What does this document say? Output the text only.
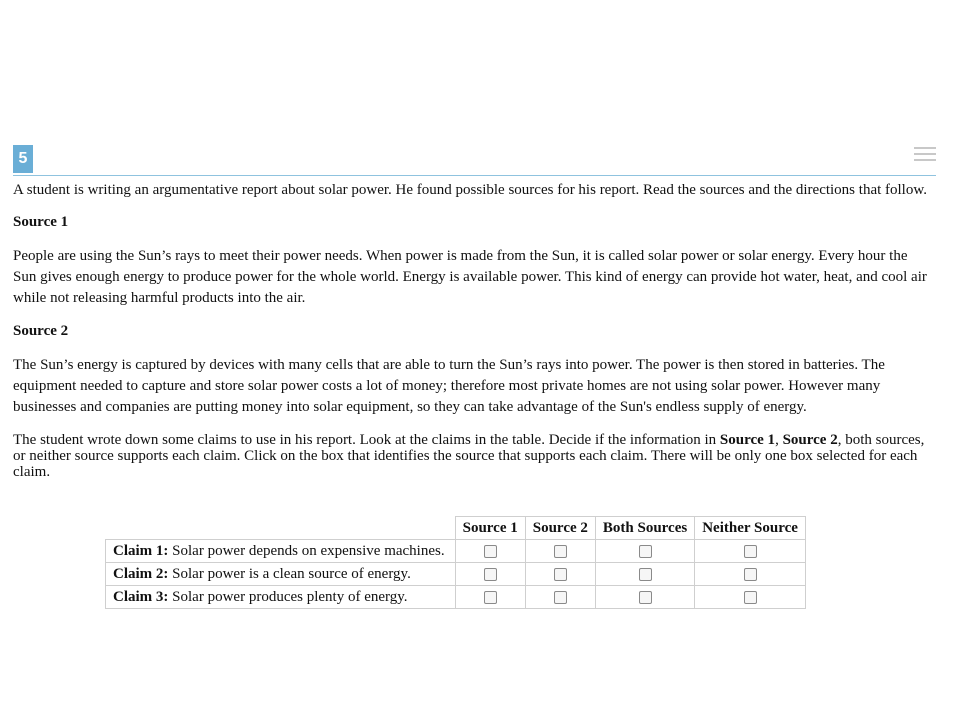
5

A student is writing an argumentative report about solar power. He found possible sources for his report. Read the sources and the directions that follow.

Source 1

People are using the Sun’s rays to meet their power needs. When power is made from the Sun, it is called solar power or solar energy. Every hour the Sun gives enough energy to produce power for the whole world. Energy is available power. This kind of energy can provide hot water, heat, and cool air while not releasing harmful products into the air.

Source 2

The Sun’s energy is captured by devices with many cells that are able to turn the Sun’s rays into power. The power is then stored in batteries. The equipment needed to capture and store solar power costs a lot of money; therefore most private homes are not using solar power. However many businesses and companies are putting money into solar equipment, so they can take advantage of the Sun's endless supply of energy.

The student wrote down some claims to use in his report. Look at the claims in the table. Decide if the information in Source 1, Source 2, both sources, or neither source supports each claim. Click on the box that identifies the source that supports each claim. There will be only one box selected for each claim.

	Source 1	Source 2	Both Sources	Neither Source
Claim 1: Solar power depends on expensive machines.				
Claim 2: Solar power is a clean source of energy.				
Claim 3: Solar power produces plenty of energy.				
